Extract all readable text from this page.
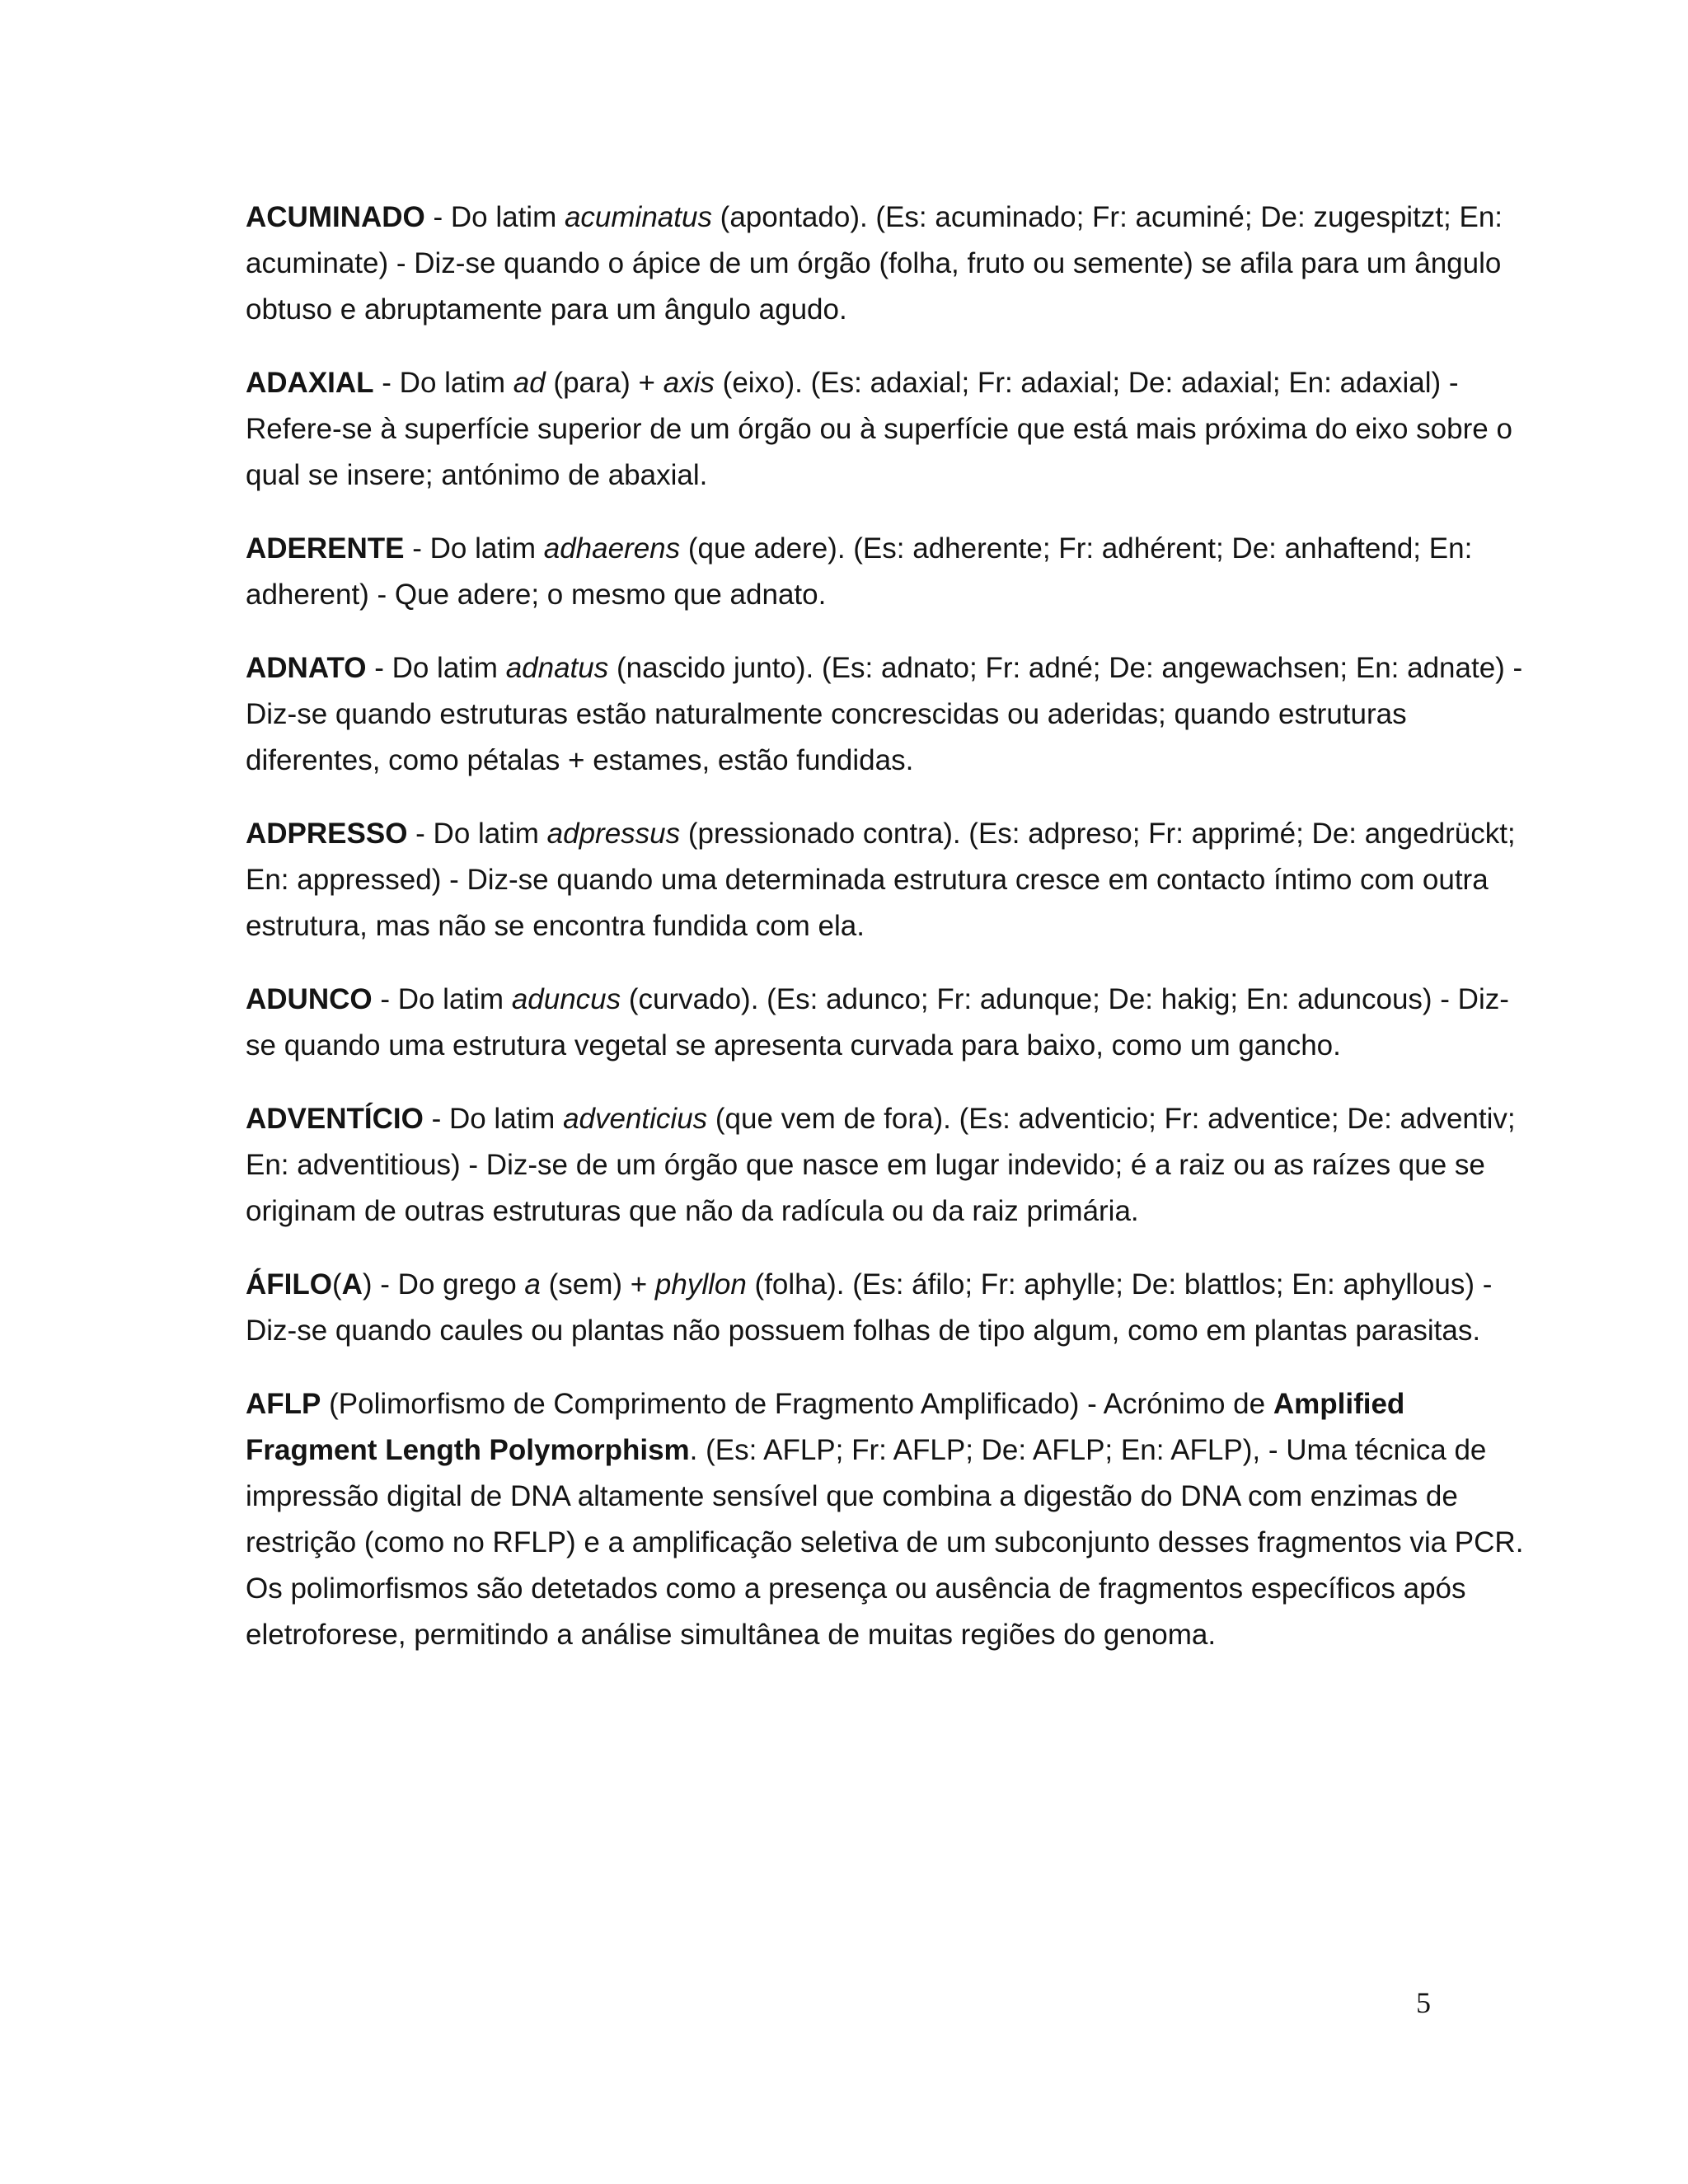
ACUMINADO - Do latim acuminatus (apontado). (Es: acuminado; Fr: acuminé; De: zugespitzt; En: acuminate) - Diz-se quando o ápice de um órgão (folha, fruto ou semente) se afila para um ângulo obtuso e abruptamente para um ângulo agudo.

ADAXIAL - Do latim ad (para) + axis (eixo). (Es: adaxial; Fr: adaxial; De: adaxial; En: adaxial) - Refere-se à superfície superior de um órgão ou à superfície que está mais próxima do eixo sobre o qual se insere; antónimo de abaxial.

ADERENTE - Do latim adhaerens (que adere). (Es: adherente; Fr: adhérent; De: anhaftend; En: adherent) - Que adere; o mesmo que adnato.

ADNATO - Do latim adnatus (nascido junto). (Es: adnato; Fr: adné; De: angewachsen; En: adnate) - Diz-se quando estruturas estão naturalmente concrescidas ou aderidas; quando estruturas diferentes, como pétalas + estames, estão fundidas.

ADPRESSO - Do latim adpressus (pressionado contra). (Es: adpreso; Fr: apprimé; De: angedrückt; En: appressed) - Diz-se quando uma determinada estrutura cresce em contacto íntimo com outra estrutura, mas não se encontra fundida com ela.

ADUNCO - Do latim aduncus (curvado). (Es: adunco; Fr: adunque; De: hakig; En: aduncous) - Diz-se quando uma estrutura vegetal se apresenta curvada para baixo, como um gancho.

ADVENTÍCIO - Do latim adventicius (que vem de fora). (Es: adventicio; Fr: adventice; De: adventiv; En: adventitious) - Diz-se de um órgão que nasce em lugar indevido; é a raiz ou as raízes que se originam de outras estruturas que não da radícula ou da raiz primária.

ÁFILO(A) - Do grego a (sem) + phyllon (folha). (Es: áfilo; Fr: aphylle; De: blattlos; En: aphyllous) - Diz-se quando caules ou plantas não possuem folhas de tipo algum, como em plantas parasitas.

AFLP (Polimorfismo de Comprimento de Fragmento Amplificado) - Acrónimo de Amplified Fragment Length Polymorphism. (Es: AFLP; Fr: AFLP; De: AFLP; En: AFLP), - Uma técnica de impressão digital de DNA altamente sensível que combina a digestão do DNA com enzimas de restrição (como no RFLP) e a amplificação seletiva de um subconjunto desses fragmentos via PCR. Os polimorfismos são detetados como a presença ou ausência de fragmentos específicos após eletroforese, permitindo a análise simultânea de muitas regiões do genoma.

5
